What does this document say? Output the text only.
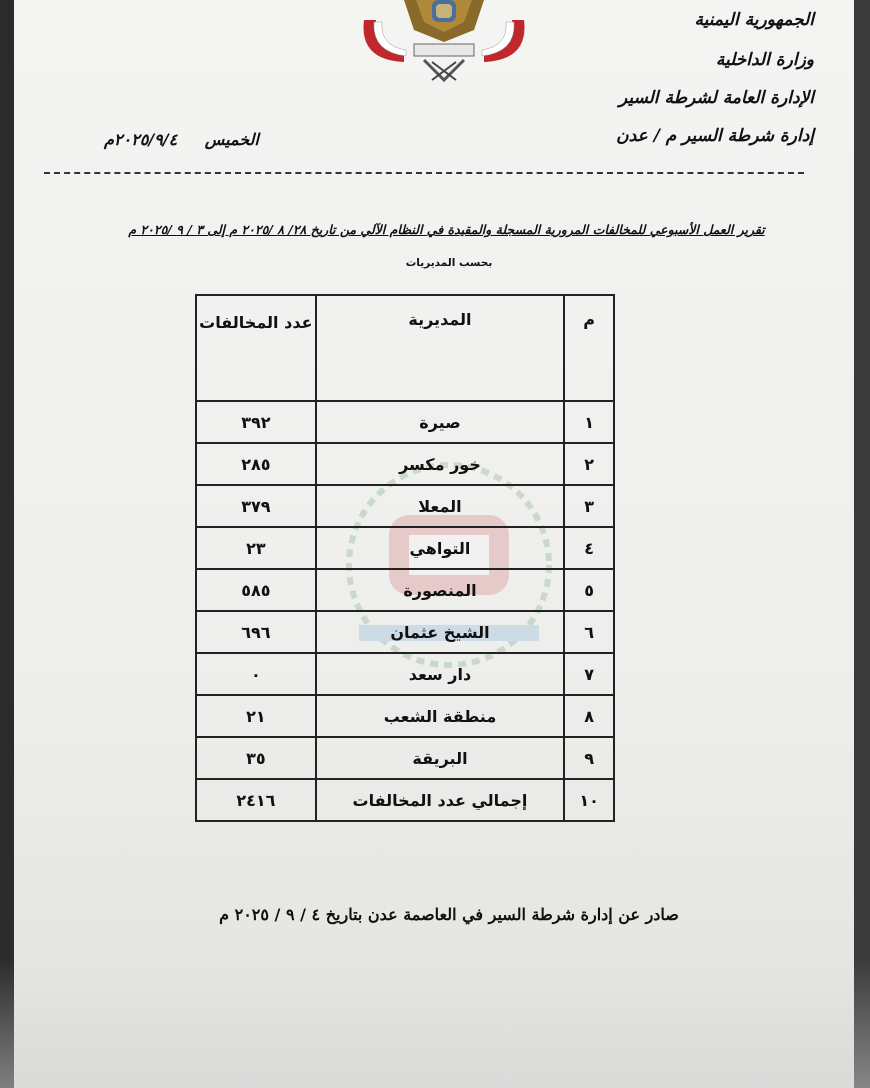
الجمهورية اليمنية
وزارة الداخلية
الإدارة العامة لشرطة السير
إدارة شرطة السير م / عدن
الخميس ٢٠٢٥/٩/٤م
تقرير العمل الأسبوعي للمخالفات المرورية المسجلة والمقيدة في النظام الآلي من تاريخ ٢٨/ ٨ /٢٠٢٥ م إلى ٣ / ٩ /٢٠٢٥ م
بحسب المديريات
م	المديرية	عدد المخالفات
١	صيرة	٣٩٢
٢	خور مكسر	٢٨٥
٣	المعلا	٣٧٩
٤	التواهي	٢٣
٥	المنصورة	٥٨٥
٦	الشيخ عثمان	٦٩٦
٧	دار سعد	٠
٨	منطقة الشعب	٢١
٩	البريقة	٣٥
١٠	إجمالي عدد المخالفات	٢٤١٦
صادر عن إدارة شرطة السير في العاصمة عدن بتاريخ ٤ / ٩ / ٢٠٢٥ م
